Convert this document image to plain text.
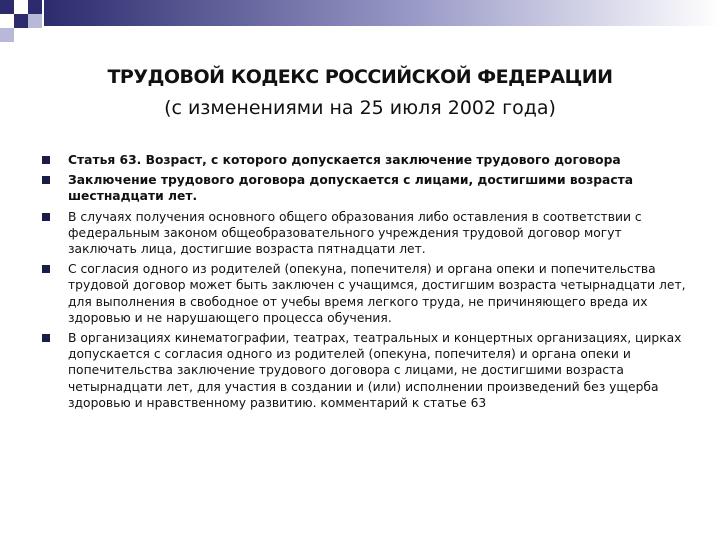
ТРУДОВОЙ КОДЕКС РОССИЙСКОЙ ФЕДЕРАЦИИ
(с изменениями на 25 июля 2002 года)
Статья 63. Возраст, с которого допускается заключение трудового договора
Заключение трудового договора допускается с лицами, достигшими возраста шестнадцати лет.
В случаях получения основного общего образования либо оставления в соответствии с федеральным законом общеобразовательного учреждения трудовой договор могут заключать лица, достигшие возраста пятнадцати лет.
С согласия одного из родителей (опекуна, попечителя) и органа опеки и попечительства трудовой договор может быть заключен с учащимся, достигшим возраста четырнадцати лет, для выполнения в свободное от учебы время легкого труда, не причиняющего вреда их здоровью и не нарушающего процесса обучения.
В организациях кинематографии, театрах, театральных и концертных организациях, цирках допускается с согласия одного из родителей (опекуна, попечителя) и органа опеки и попечительства заключение трудового договора с лицами, не достигшими возраста четырнадцати лет, для участия в создании и (или) исполнении произведений без ущерба здоровью и нравственному развитию. комментарий к статье 63
